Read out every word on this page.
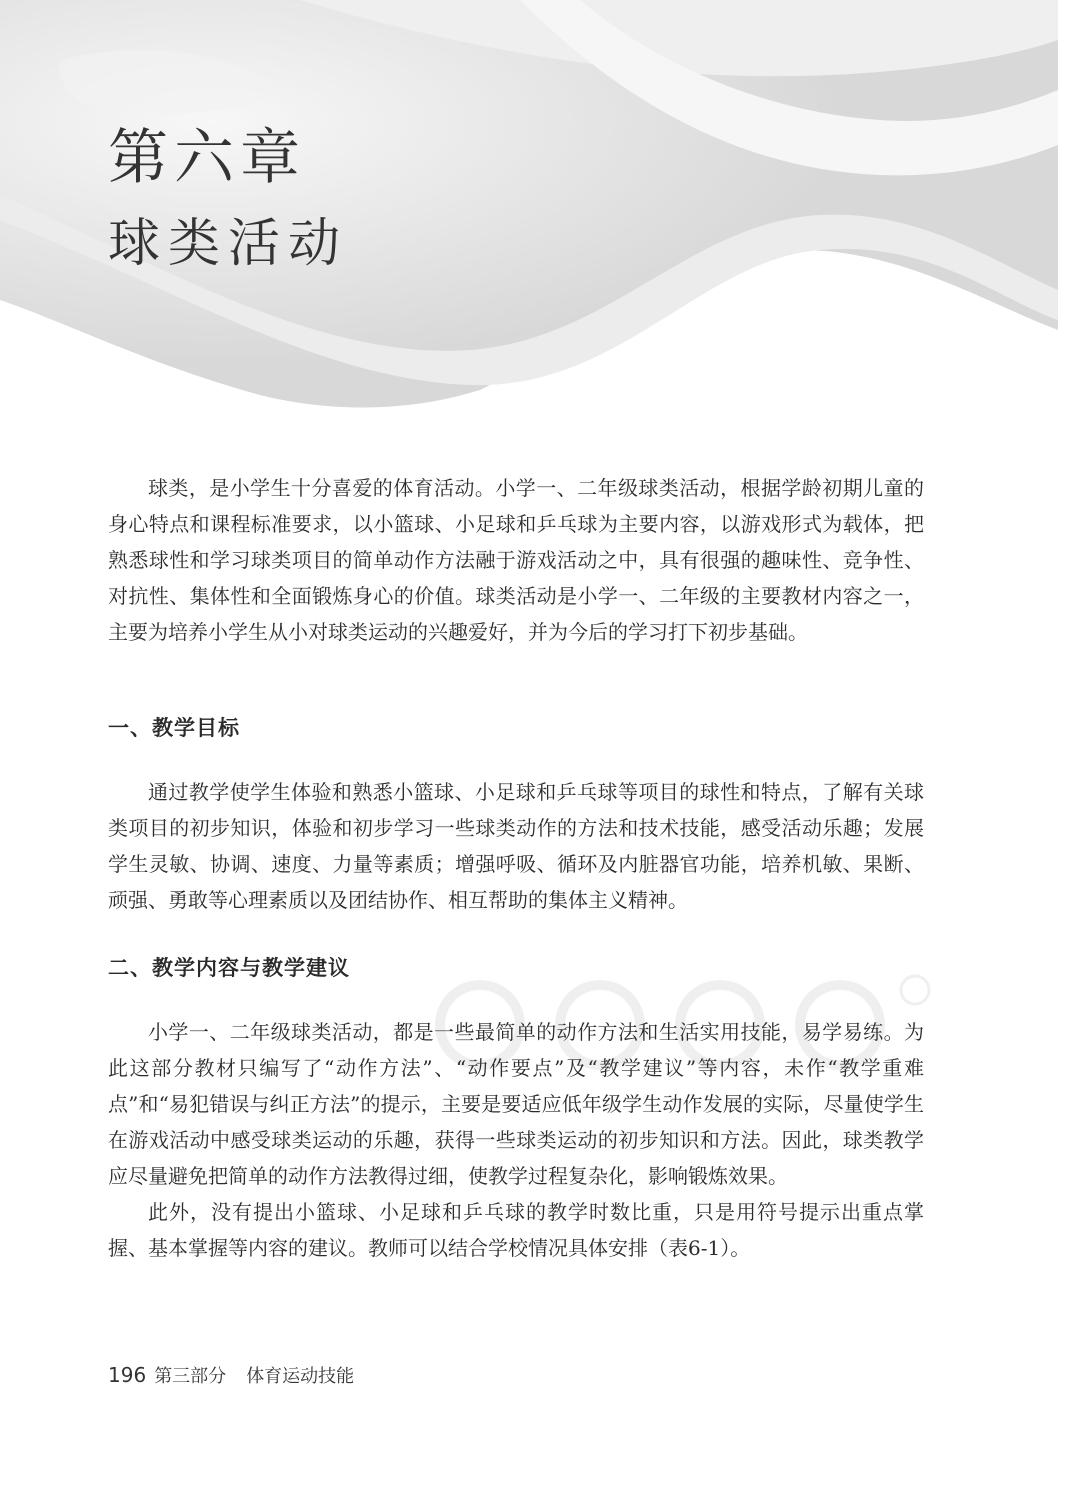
第六章
球类活动

球类，是小学生十分喜爱的体育活动。小学一、二年级球类活动，根据学龄初期儿童的身心特点和课程标准要求，以小篮球、小足球和乒乓球为主要内容，以游戏形式为载体，把熟悉球性和学习球类项目的简单动作方法融于游戏活动之中，具有很强的趣味性、竞争性、对抗性、集体性和全面锻炼身心的价值。球类活动是小学一、二年级的主要教材内容之一，主要为培养小学生从小对球类运动的兴趣爱好，并为今后的学习打下初步基础。

一、教学目标

通过教学使学生体验和熟悉小篮球、小足球和乒乓球等项目的球性和特点，了解有关球类项目的初步知识，体验和初步学习一些球类动作的方法和技术技能，感受活动乐趣；发展学生灵敏、协调、速度、力量等素质；增强呼吸、循环及内脏器官功能，培养机敏、果断、顽强、勇敢等心理素质以及团结协作、相互帮助的集体主义精神。

二、教学内容与教学建议

小学一、二年级球类活动，都是一些最简单的动作方法和生活实用技能，易学易练。为此这部分教材只编写了“动作方法”、“动作要点”及“教学建议”等内容，未作“教学重难点”和“易犯错误与纠正方法”的提示，主要是要适应低年级学生动作发展的实际，尽量使学生在游戏活动中感受球类运动的乐趣，获得一些球类运动的初步知识和方法。因此，球类教学应尽量避免把简单的动作方法教得过细，使教学过程复杂化，影响锻炼效果。

此外，没有提出小篮球、小足球和乒乓球的教学时数比重，只是用符号提示出重点掌握、基本掌握等内容的建议。教师可以结合学校情况具体安排（表6-1）。

196 第三部分 体育运动技能
